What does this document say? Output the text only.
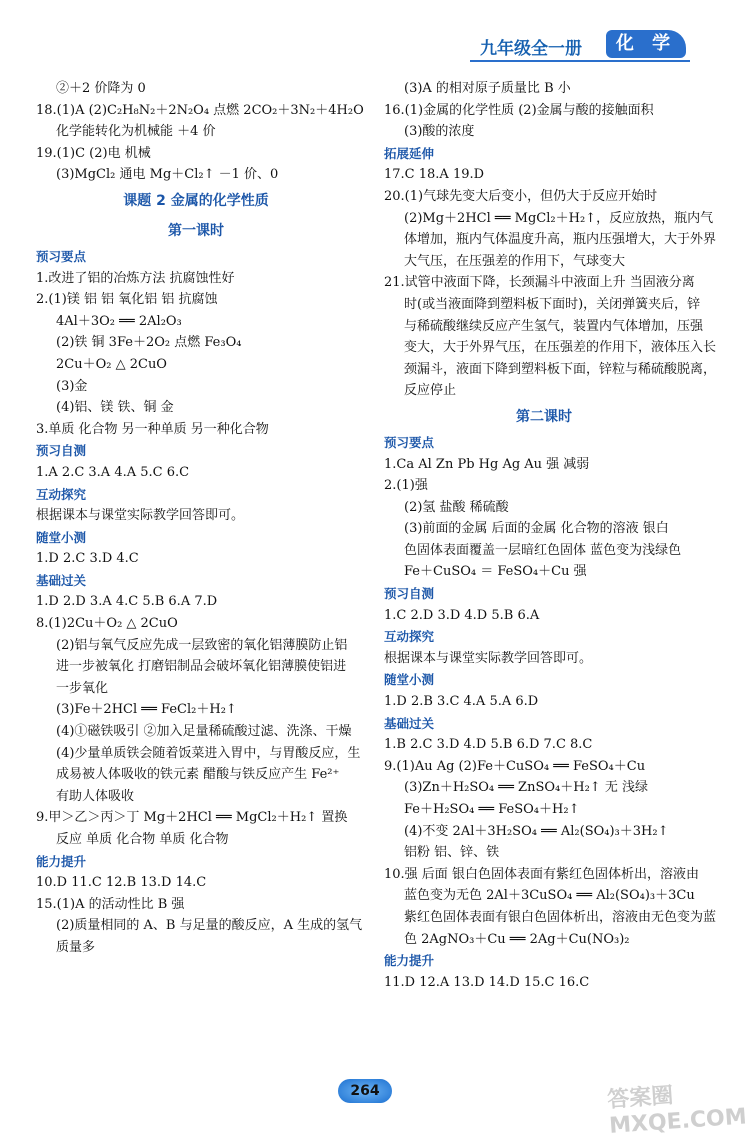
九年级全一册	化 学
②＋2 价降为 0
18.(1)A (2)C₂H₈N₂＋2N₂O₄ 点燃 2CO₂＋3N₂＋4H₂O
化学能转化为机械能 ＋4 价
19.(1)C (2)电 机械
(3)MgCl₂ 通电 Mg＋Cl₂↑ －1 价、0
课题 2 金属的化学性质
第一课时
预习要点
1.改进了铝的冶炼方法 抗腐蚀性好
2.(1)镁 铝 铝 氧化铝 铝 抗腐蚀
4Al＋3O₂ ══ 2Al₂O₃
(2)铁 铜 3Fe＋2O₂ 点燃 Fe₃O₄
2Cu＋O₂ △ 2CuO
(3)金
(4)铝、镁 铁、铜 金
3.单质 化合物 另一种单质 另一种化合物
预习自测
1.A 2.C 3.A 4.A 5.C 6.C
互动探究
根据课本与课堂实际教学回答即可。
随堂小测
1.D 2.C 3.D 4.C
基础过关
1.D 2.D 3.A 4.C 5.B 6.A 7.D
8.(1)2Cu＋O₂ △ 2CuO
(2)铝与氧气反应先成一层致密的氧化铝薄膜防止铝
进一步被氧化 打磨铝制品会破坏氧化铝薄膜使铝进
一步氧化
(3)Fe＋2HCl ══ FeCl₂＋H₂↑
(4)①磁铁吸引 ②加入足量稀硫酸过滤、洗涤、干燥
(4)少量单质铁会随着饭菜进入胃中，与胃酸反应，生
成易被人体吸收的铁元素 醋酸与铁反应产生 Fe²⁺
有助人体吸收
9.甲＞乙＞丙＞丁 Mg＋2HCl ══ MgCl₂＋H₂↑ 置换
反应 单质 化合物 单质 化合物
能力提升
10.D 11.C 12.B 13.D 14.C
15.(1)A 的活动性比 B 强
(2)质量相同的 A、B 与足量的酸反应，A 生成的氢气
质量多
(3)A 的相对原子质量比 B 小
16.(1)金属的化学性质 (2)金属与酸的接触面积
(3)酸的浓度
拓展延伸
17.C 18.A 19.D
20.(1)气球先变大后变小，但仍大于反应开始时
(2)Mg＋2HCl ══ MgCl₂＋H₂↑，反应放热，瓶内气
体增加，瓶内气体温度升高，瓶内压强增大，大于外界
大气压，在压强差的作用下，气球变大
21.试管中液面下降，长颈漏斗中液面上升 当固液分离
时(或当液面降到塑料板下面时)，关闭弹簧夹后，锌
与稀硫酸继续反应产生氢气，装置内气体增加，压强
变大，大于外界气压，在压强差的作用下，液体压入长
颈漏斗，液面下降到塑料板下面，锌粒与稀硫酸脱离，
反应停止
第二课时
预习要点
1.Ca Al Zn Pb Hg Ag Au 强 减弱
2.(1)强
(2)氢 盐酸 稀硫酸
(3)前面的金属 后面的金属 化合物的溶液 银白
色固体表面覆盖一层暗红色固体 蓝色变为浅绿色
Fe＋CuSO₄ ＝ FeSO₄＋Cu 强
预习自测
1.C 2.D 3.D 4.D 5.B 6.A
互动探究
根据课本与课堂实际教学回答即可。
随堂小测
1.D 2.B 3.C 4.A 5.A 6.D
基础过关
1.B 2.C 3.D 4.D 5.B 6.D 7.C 8.C
9.(1)Au Ag (2)Fe＋CuSO₄ ══ FeSO₄＋Cu
(3)Zn＋H₂SO₄ ══ ZnSO₄＋H₂↑ 无 浅绿
Fe＋H₂SO₄ ══ FeSO₄＋H₂↑
(4)不变 2Al＋3H₂SO₄ ══ Al₂(SO₄)₃＋3H₂↑
铝粉 铝、锌、铁
10.强 后面 银白色固体表面有紫红色固体析出，溶液由
蓝色变为无色 2Al＋3CuSO₄ ══ Al₂(SO₄)₃＋3Cu
紫红色固体表面有银白色固体析出，溶液由无色变为蓝
色 2AgNO₃＋Cu ══ 2Ag＋Cu(NO₃)₂
能力提升
11.D 12.A 13.D 14.D 15.C 16.C
264	答案圈 MXQE.COM
